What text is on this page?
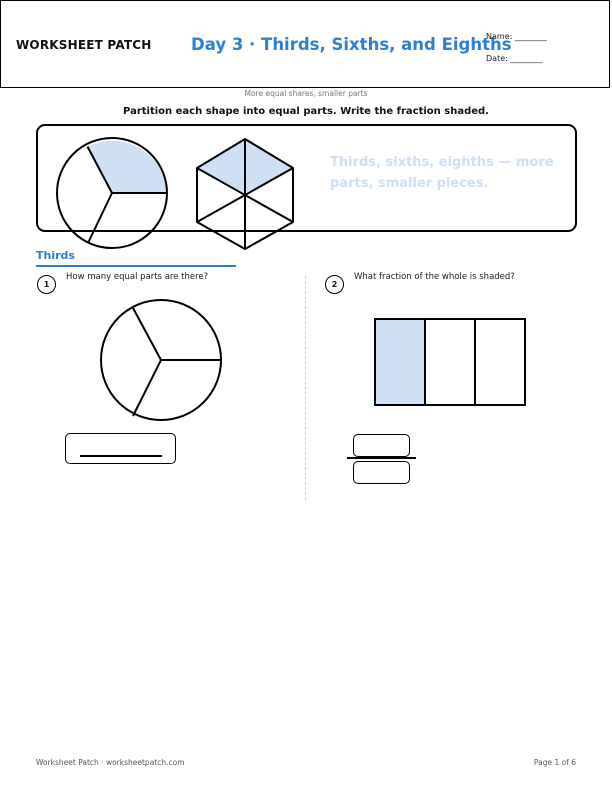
WORKSHEET PATCH Day 3 · Thirds, Sixths, and Eighths
Name: ________
Date: ________
More equal shares, smaller parts
Partition each shape into equal parts. Write the fraction shaded.
Thirds, sixths, eighths — more parts, smaller pieces.
Thirds
1
How many equal parts are there?
2
What fraction of the whole is shaded?
Worksheet Patch · worksheetpatch.com	Page 1 of 6
